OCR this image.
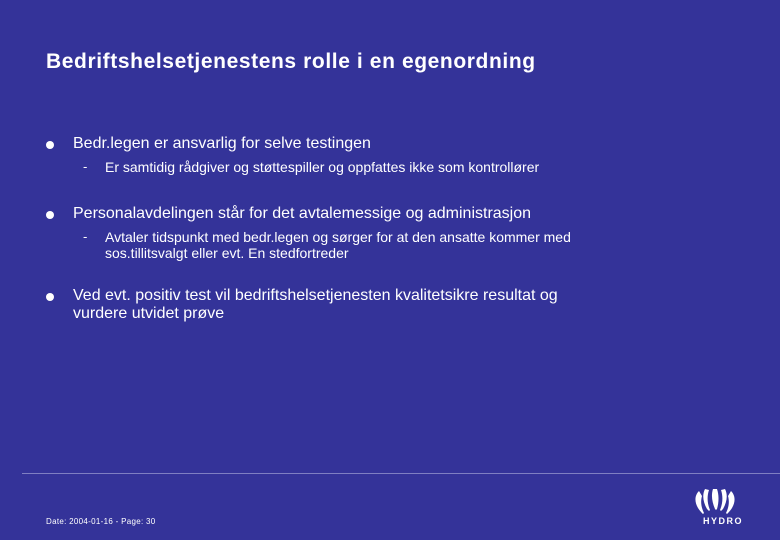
Bedriftshelsetjenestens rolle i en egenordning
Bedr.legen er ansvarlig for selve testingen
- Er samtidig rådgiver og støttespiller og oppfattes ikke som kontrollører
Personalavdelingen står for det avtalemessige og administrasjon
- Avtaler tidspunkt med bedr.legen og sørger for at den ansatte kommer med
sos.tillitsvalgt eller evt. En stedfortreder
Ved evt. positiv test vil bedriftshelsetjenesten kvalitetsikre resultat og
vurdere utvidet prøve
Date: 2004-01-16 - Page: 30	HYDRO
